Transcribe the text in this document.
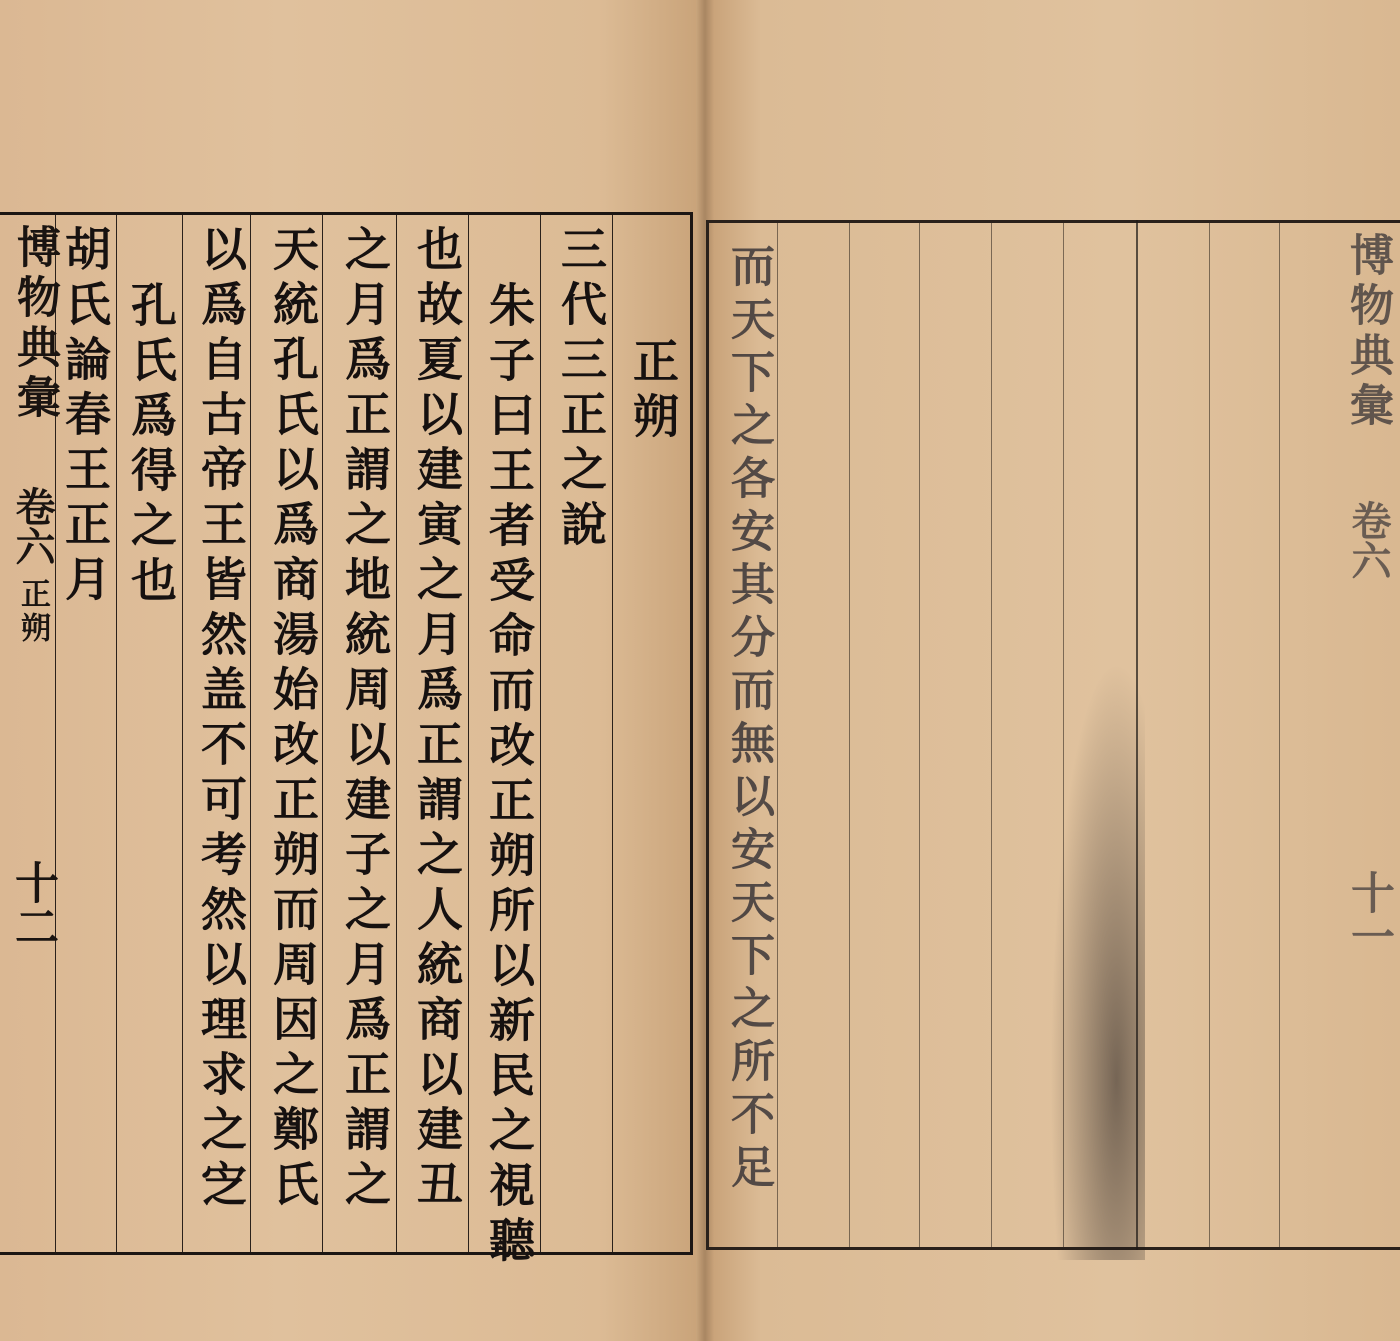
正朔
三代三正之說
朱子曰王者受命而改正朔所以新民之視聽
也故夏以建寅之月爲正謂之人統商以建丑
之月爲正謂之地統周以建子之月爲正謂之
天統孔氏以爲商湯始改正朔而周因之鄭氏
以爲自古帝王皆然盖不可考然以理求之㝎
孔氏爲得之也
胡氏論春王正月
博物典彙
卷六
正朔
十二	而天下之各安其分而無以安天下之所不足	博物典彙
卷六
十一
